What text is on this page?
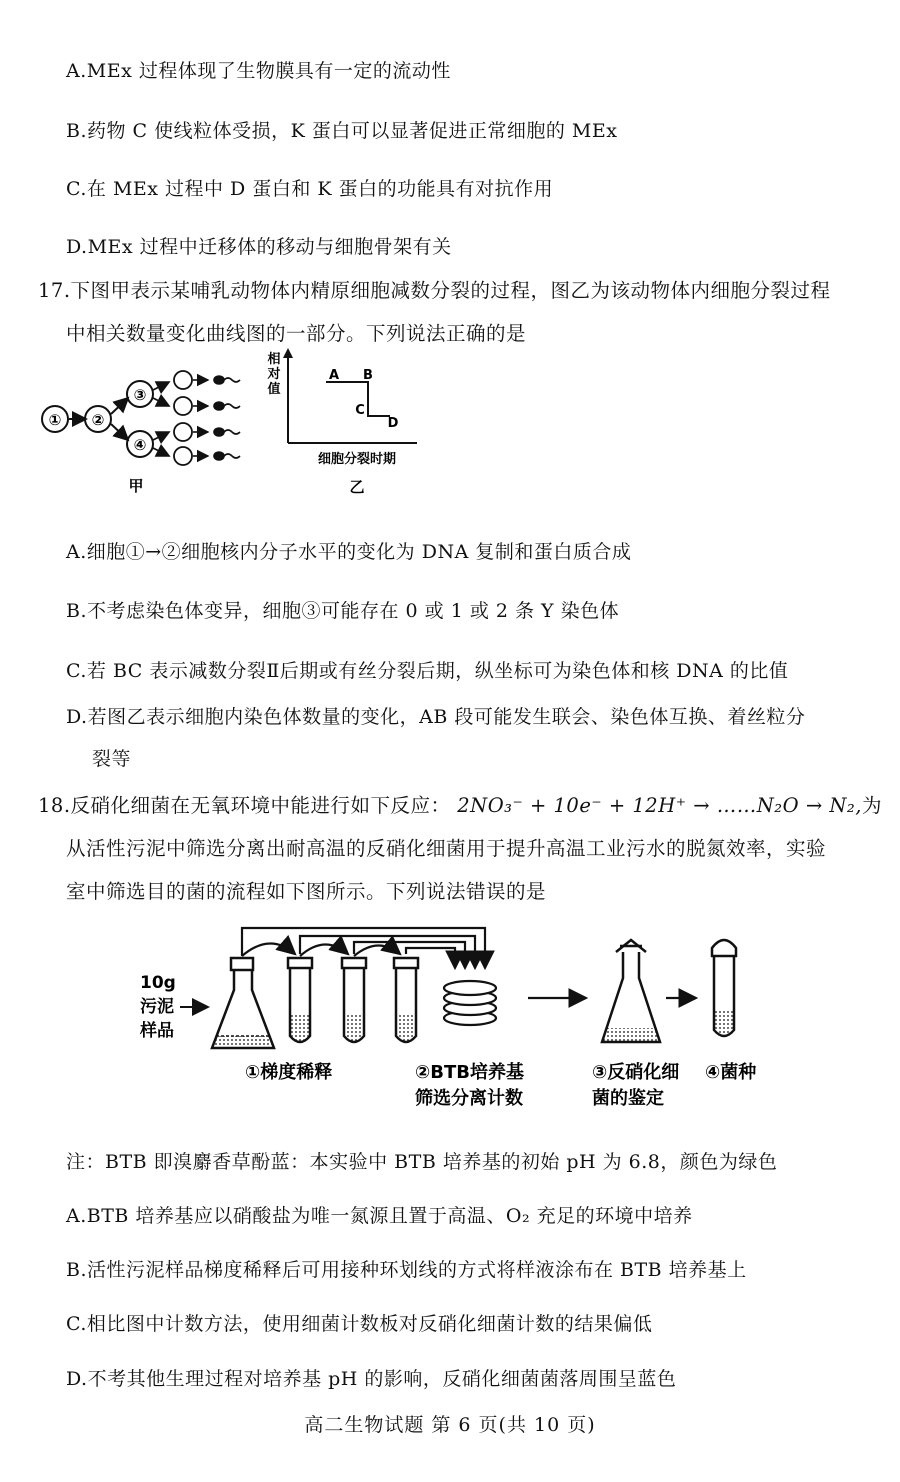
A.MEx 过程体现了生物膜具有一定的流动性
B.药物 C 使线粒体受损，K 蛋白可以显著促进正常细胞的 MEx
C.在 MEx 过程中 D 蛋白和 K 蛋白的功能具有对抗作用
D.MEx 过程中迁移体的移动与细胞骨架有关
17.下图甲表示某哺乳动物体内精原细胞减数分裂的过程，图乙为该动物体内细胞分裂过程
中相关数量变化曲线图的一部分。下列说法正确的是
① ②
③
④
甲
相
对
值
A B
C
D
细胞分裂时期
乙
A.细胞①→②细胞核内分子水平的变化为 DNA 复制和蛋白质合成
B.不考虑染色体变异，细胞③可能存在 0 或 1 或 2 条 Y 染色体
C.若 BC 表示减数分裂Ⅱ后期或有丝分裂后期，纵坐标可为染色体和核 DNA 的比值
D.若图乙表示细胞内染色体数量的变化，AB 段可能发生联会、染色体互换、着丝粒分
裂等
18.反硝化细菌在无氧环境中能进行如下反应： 2NO₃⁻ + 10e⁻ + 12H⁺ → ……N₂O → N₂,为
从活性污泥中筛选分离出耐高温的反硝化细菌用于提升高温工业污水的脱氮效率，实验
室中筛选目的菌的流程如下图所示。下列说法错误的是
10g
污泥
样品
①梯度稀释	②BTB培养基
筛选分离计数
③反硝化细
菌的鉴定
④菌种
注：BTB 即溴麝香草酚蓝：本实验中 BTB 培养基的初始 pH 为 6.8，颜色为绿色
A.BTB 培养基应以硝酸盐为唯一氮源且置于高温、O₂ 充足的环境中培养
B.活性污泥样品梯度稀释后可用接种环划线的方式将样液涂布在 BTB 培养基上
C.相比图中计数方法，使用细菌计数板对反硝化细菌计数的结果偏低
D.不考其他生理过程对培养基 pH 的影响，反硝化细菌菌落周围呈蓝色
高二生物试题 第 6 页(共 10 页)
